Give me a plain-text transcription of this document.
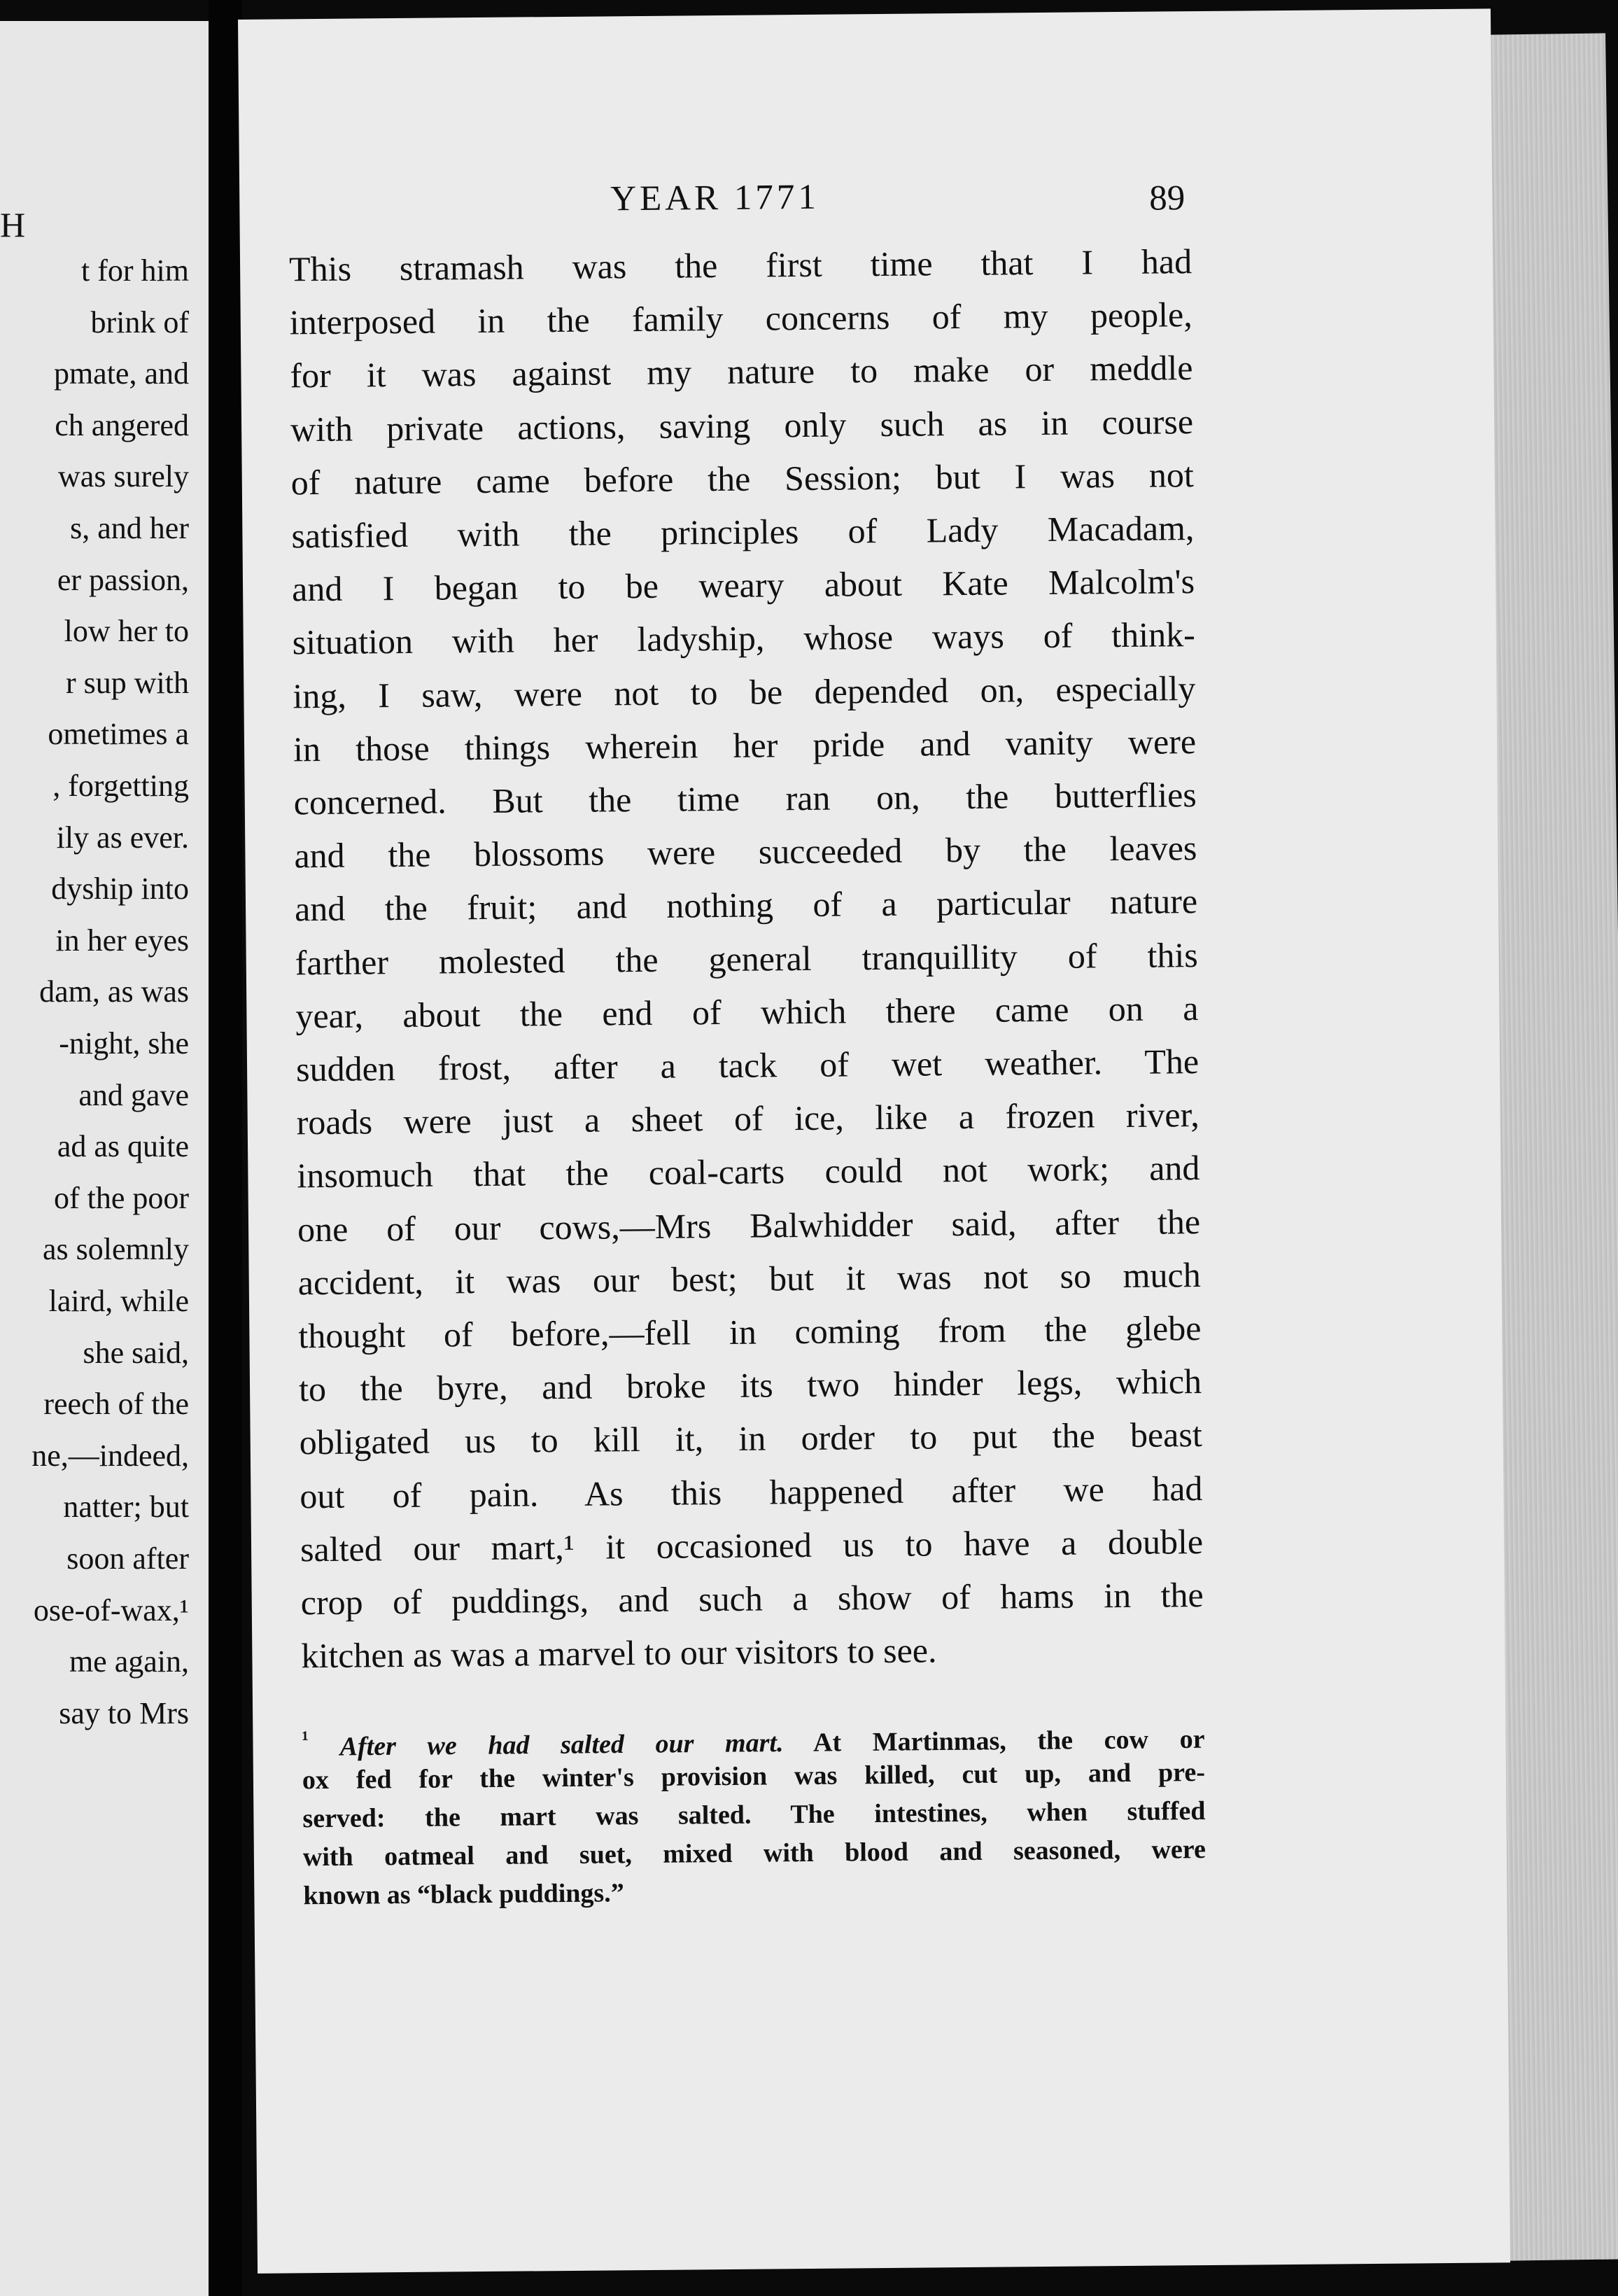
H
t for him
brink of
pmate, and
ch angered
was surely
s, and her
er passion,
low her to
r sup with
ometimes a
, forgetting
ily as ever.
dyship into
in her eyes
dam, as was
-night, she
and gave
ad as quite
of the poor
as solemnly
laird, while
she said,
reech of the
ne,—indeed,
natter; but
soon after
ose-of-wax,¹
me again,
say to Mrs
YEAR 1771	89
This stramash was the first time that I had
interposed in the family concerns of my people,
for it was against my nature to make or meddle
with private actions, saving only such as in course
of nature came before the Session; but I was not
satisfied with the principles of Lady Macadam,
and I began to be weary about Kate Malcolm's
situation with her ladyship, whose ways of think-
ing, I saw, were not to be depended on, especially
in those things wherein her pride and vanity were
concerned. But the time ran on, the butterflies
and the blossoms were succeeded by the leaves
and the fruit; and nothing of a particular nature
farther molested the general tranquillity of this
year, about the end of which there came on a
sudden frost, after a tack of wet weather. The
roads were just a sheet of ice, like a frozen river,
insomuch that the coal-carts could not work; and
one of our cows,—Mrs Balwhidder said, after the
accident, it was our best; but it was not so much
thought of before,—fell in coming from the glebe
to the byre, and broke its two hinder legs, which
obligated us to kill it, in order to put the beast
out of pain. As this happened after we had
salted our mart,¹ it occasioned us to have a double
crop of puddings, and such a show of hams in the
kitchen as was a marvel to our visitors to see.
$^{^1}$ After we had salted our mart. At Martinmas, the cow or
ox fed for the winter's provision was killed, cut up, and pre-
served: the mart was salted. The intestines, when stuffed
with oatmeal and suet, mixed with blood and seasoned, were
known as “black puddings.”
